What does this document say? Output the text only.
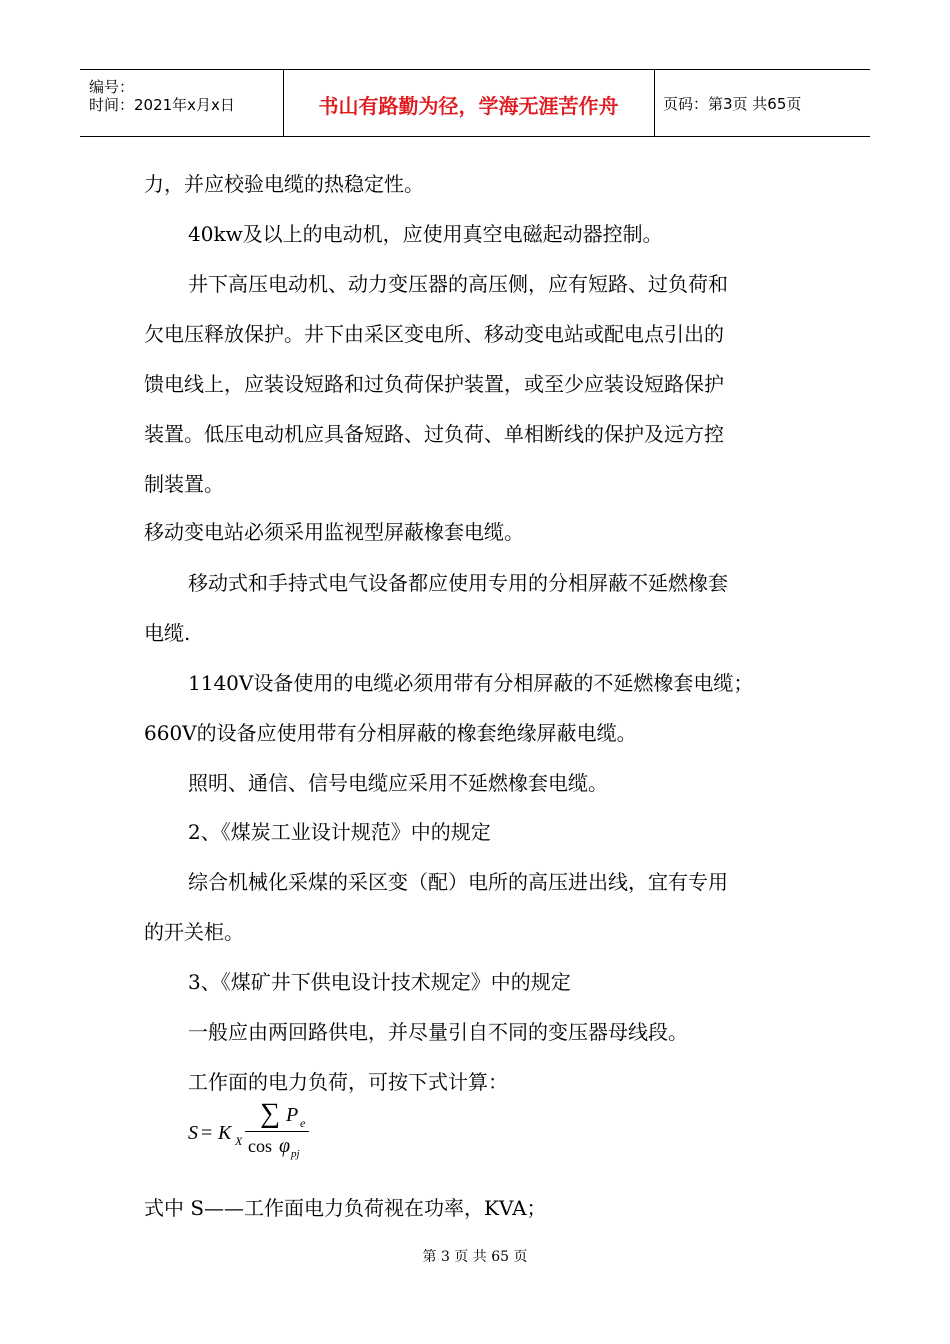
编号：
时间：2021年x月x日	书山有路勤为径，学海无涯苦作舟	页码：第3页 共65页
力，并应校验电缆的热稳定性。
40kw及以上的电动机，应使用真空电磁起动器控制。
井下高压电动机、动力变压器的高压侧，应有短路、过负荷和
欠电压释放保护。井下由采区变电所、移动变电站或配电点引出的
馈电线上，应装设短路和过负荷保护装置，或至少应装设短路保护
装置。低压电动机应具备短路、过负荷、单相断线的保护及远方控
制装置。
移动变电站必须采用监视型屏蔽橡套电缆。
移动式和手持式电气设备都应使用专用的分相屏蔽不延燃橡套
电缆.
1140V设备使用的电缆必须用带有分相屏蔽的不延燃橡套电缆；
660V的设备应使用带有分相屏蔽的橡套绝缘屏蔽电缆。
照明、通信、信号电缆应采用不延燃橡套电缆。
2、《煤炭工业设计规范》中的规定
综合机械化采煤的采区变（配）电所的高压进出线，宜有专用
的开关柜。
3、《煤矿井下供电设计技术规定》中的规定
一般应由两回路供电，并尽量引自不同的变压器母线段。
工作面的电力负荷，可按下式计算：
S = K X
∑ P e
cos φ pj
式中 S——工作面电力负荷视在功率，KVA；
第 3 页 共 65 页
